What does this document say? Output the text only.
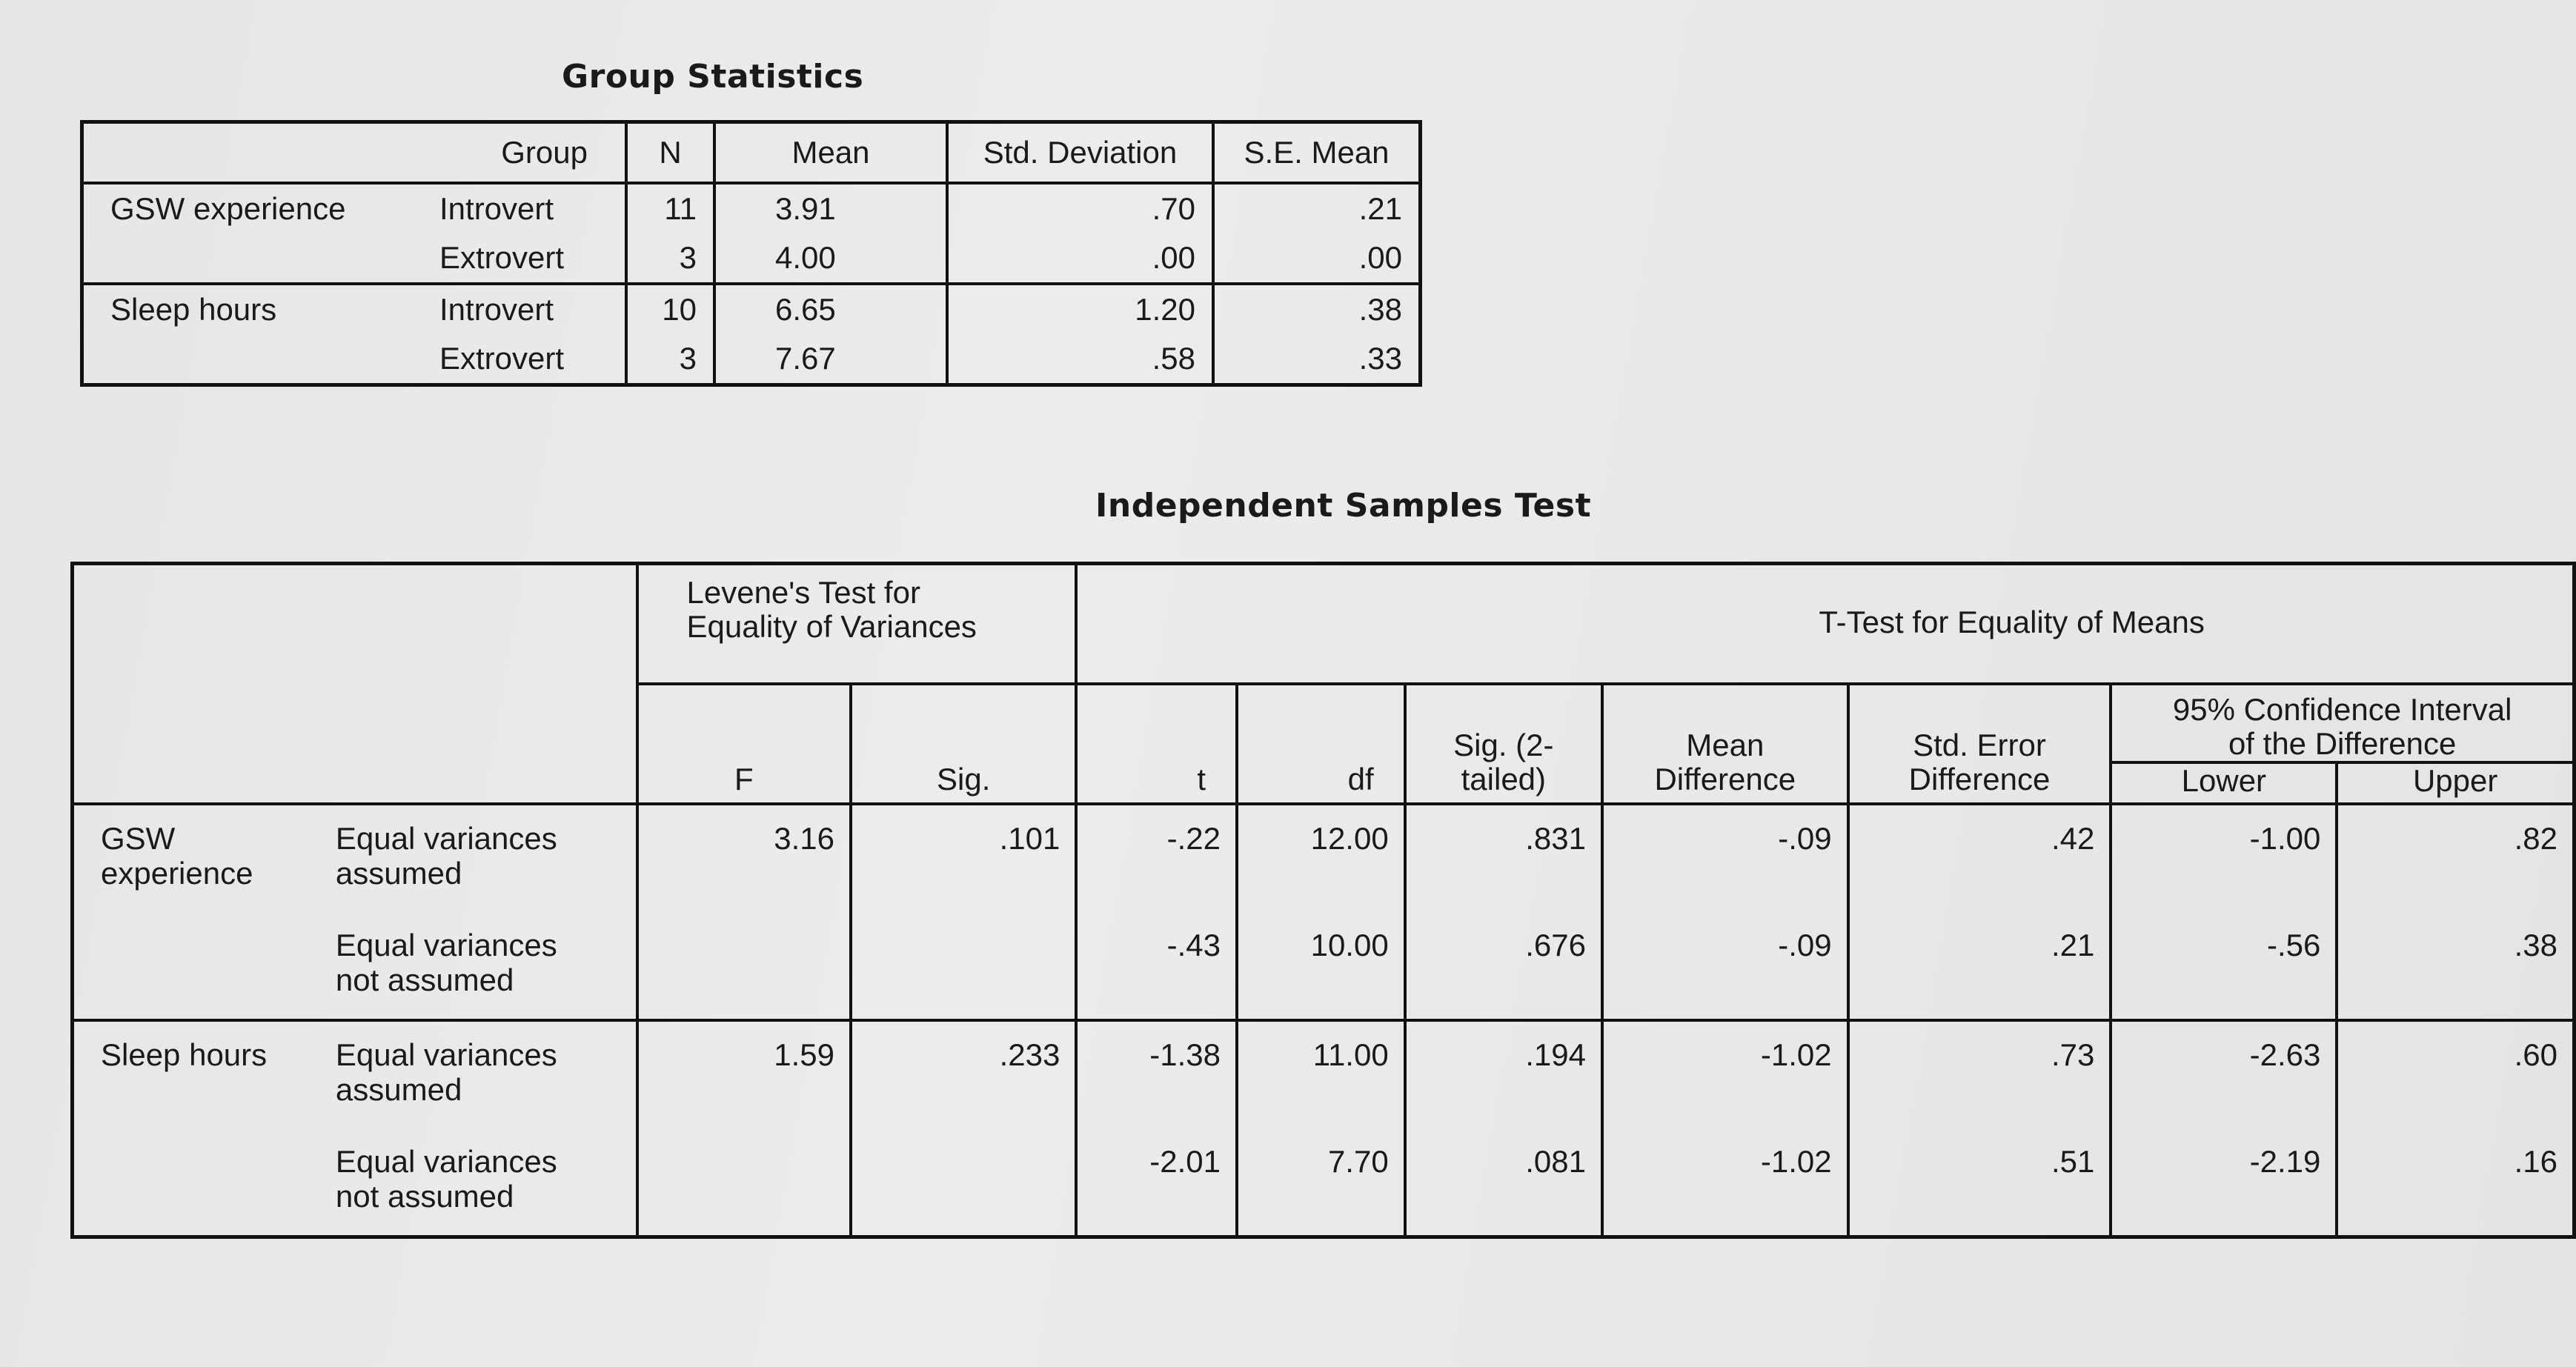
Group Statistics
	Group	N	Mean	Std. Deviation	S.E. Mean
GSW experience	Introvert	11	3.91	.70	.21
	Extrovert	3	4.00	.00	.00
Sleep hours	Introvert	10	6.65	1.20	.38
	Extrovert	3	7.67	.58	.33
Independent Samples Test

		Levene's Test for Equality of Variances		T-Test for Equality of Means						
		F	Sig.	t	df	Sig. (2-tailed)	Mean Difference	Std. Error Difference	95% Confidence Interval of the Difference	

									Lower	Upper

GSW experience	Equal variances assumed	3.16	.101	-.22	12.00	.831	-.09	.42	-1.00	.82

	Equal variances not assumed			-.43	10.00	.676	-.09	.21	-.56	.38

Sleep hours	Equal variances assumed	1.59	.233	-1.38	11.00	.194	-1.02	.73	-2.63	.60

	Equal variances not assumed			-2.01	7.70	.081	-1.02	.51	-2.19	.16
